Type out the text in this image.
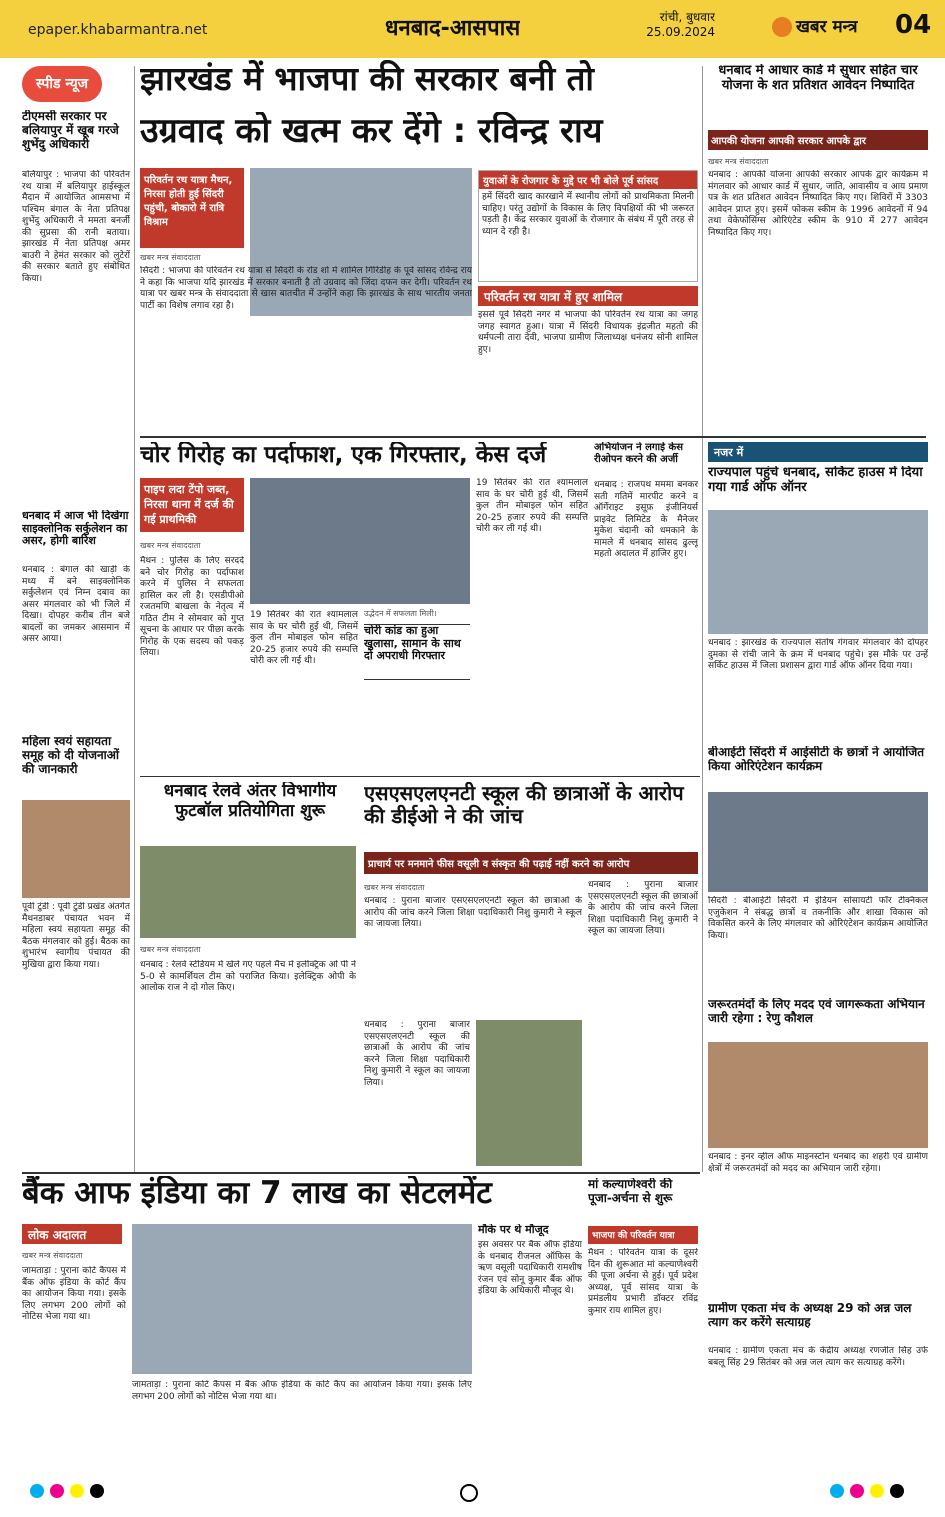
epaper.khabarmantra.net	धनबाद-आसपास	रांची, बुधवार
25.09.2024	खबर मन्त्र 04
स्पीड न्यूज
टीएमसी सरकार पर बलियापुर में खूब गरजे शुभेंदु अधिकारी
बलियापुर : भाजपा की परिवर्तन रथ यात्रा में बलियापुर हाईस्कूल मैदान में आयोजित आमसभा में पश्चिम बंगाल के नेता प्रतिपक्ष शुभेंदु अधिकारी ने ममता बनर्जी की सुप्रसा की रानी बताया। झारखंड में नेता प्रतिपक्ष अमर बाउरी ने हेमंत सरकार को लुटेरों की सरकार बताते हुए संबोधित किया।
धनबाद में आज भी दिखेगा साइक्लोनिक सर्कुलेशन का असर, होगी बारिश
धनबाद : बंगाल की खाड़ी के मध्य में बने साइक्लोनिक सर्कुलेशन एवं निम्न दबाव का असर मंगलवार को भी जिले में दिखा। दोपहर करीब तीन बजे बादलों का जमकर आसमान में असर आया।
महिला स्वयं सहायता समूह को दी योजनाओं की जानकारी
पूर्वी टुंडी : पूर्वी टुंडी प्रखंड अंतर्गत मैथनडाबर पंचायत भवन में महिला स्वयं सहायता समूह की बैठक मंगलवार को हुई। बैठक का शुभारंभ स्वागीय पंचायत की मुखिया द्वारा किया गया।
झारखंड में भाजपा की सरकार बनी तो
उग्रवाद को खत्म कर देंगे : रविन्द्र राय
परिवर्तन रथ यात्रा मैथन, निरसा होती हुई सिंदरी पहुंची, बोकारो में रात्रि विश्राम
खबर मन्त्र संवाददाता
सिंदरी : भाजपा की परिवर्तन रथ यात्रा से सिंदरी के रोड शो में शामिल गिरिडीह के पूर्व सांसद रविन्द्र राय ने कहा कि भाजपा यदि झारखंड में सरकार बनाती है तो उग्रवाद को जिंदा दफन कर देगी। परिवर्तन रथ यात्रा पर खबर मन्त्र के संवाददाता से खास बातचीत में उन्होंने कहा कि झारखंड के साथ भारतीय जनता पार्टी का विशेष लगाव रहा है।
युवाओं के रोजगार के मुद्दे पर भी बोले पूर्व सांसद
हमें सिंदरी खाद कारखाने में स्थानीय लोगों को प्राथमिकता मिलनी चाहिए। परंतु उद्योगों के विकास के लिए विपक्षियों की भी जरूरत पड़ती है। केंद्र सरकार युवाओं के रोजगार के संबंध में पूरी तरह से ध्यान दे रही है।
परिवर्तन रथ यात्रा में हुए शामिल
इससे पूर्व सिंदरी नगर में भाजपा की परिवर्तन रथ यात्रा का जगह जगह स्वागत हुआ। यात्रा में सिंदरी विधायक इंद्रजीत महतो की धर्मपत्नी तारा देवी, भाजपा ग्रामीण जिलाध्यक्ष धनंजय सोनी शामिल हुए।
धनबाद में आधार कार्ड में सुधार सहित चार योजना के शत प्रतिशत आवेदन निष्पादित
आपकी योजना आपकी सरकार आपके द्वार
खबर मन्त्र संवाददाता
धनबाद : आपकी योजना आपकी सरकार आपके द्वार कार्यक्रम में मंगलवार को आधार कार्ड में सुधार, जाति, आवासीय व आय प्रमाण पत्र के शत प्रतिशत आवेदन निष्पादित किए गए। शिविरों में 3303 आवेदन प्राप्त हुए। इसमें फोकस स्कीम के 1996 आवेदनों में 94 तथा वेकेफोसिंग्स ओरिएंटेड स्कीम के 910 में 277 आवेदन निष्पादित किए गए।
चोर गिरोह का पर्दाफाश, एक गिरफ्तार, केस दर्ज
पाइप लदा टेंपो जब्त, निरसा थाना में दर्ज की गई प्राथमिकी
खबर मन्त्र संवाददाता
मैथन : पुलिस के लिए सरदर्द बने चोर गिरोह का पर्दाफाश करने में पुलिस ने सफलता हासिल कर ली है। एसडीपीओ रजतमणि बाखला के नेतृत्व में गठित टीम ने सोमवार को गुप्त सूचना के आधार पर पीछा करके गिरोह के एक सदस्य को पकड़ लिया।
उद्भेदन में सफलता मिली।
चोरी कांड का हुआ खुलासा, सामान के साथ दो अपराधी गिरफ्तार
19 सितंबर की रात श्यामलाल साव के घर चोरी हुई थी, जिसमें कुल तीन मोबाइल फोन सहित 20-25 हजार रुपये की सम्पत्ति चोरी कर ली गई थी।
19 सितंबर की रात श्यामलाल साव के घर चोरी हुई थी, जिसमें कुल तीन मोबाइल फोन सहित 20-25 हजार रुपये की सम्पत्ति चोरी कर ली गई थी।
अभियोजन ने लगाई केस रीओपन करने की अर्जी
धनबाद : राजपथ मममा बनकर सती गतिमें मारपीट करने व ऑर्गेराइट इसूफ़ इंजीनियर्स प्राइवेट लिमिटेड के मैनेजर मुकेश चंदानी को धमकाने के मामले में धनबाद सांसद ढुल्लू महतो अदालत में हाजिर हुए।
नजर में
राज्यपाल पहुंचे धनबाद, सर्किट हाउस में दिया गया गार्ड ऑफ ऑनर
धनबाद : झारखंड के राज्यपाल संतोष गंगवार मंगलवार की दोपहर दुमका से रांची जाने के क्रम में धनबाद पहुंचे। इस मौके पर उन्हें सर्किट हाउस में जिला प्रशासन द्वारा गार्ड ऑफ ऑनर दिया गया।
बीआईटी सिंदरी में आईसीटी के छात्रों ने आयोजित किया ओरिएंटेशन कार्यक्रम
सिंदरी : बीआईटी सिंदरी में इंडियन सोसायटी फॉर टेक्निकल एजुकेशन ने संबद्ध छात्रों व तकनीकि और शाखा विकास को विकसित करने के लिए मंगलवार को ओरिएंटेशन कार्यक्रम आयोजित किया।
जरूरतमंदों के लिए मदद एवं जागरूकता अभियान जारी रहेगा : रेणु कौशल
धनबाद : इनर व्हील ऑफ माइनस्टोन धनबाद का शहरी एवं ग्रामीण क्षेत्रों में जरूरतमंदों को मदद का अभियान जारी रहेगा।
ग्रामीण एकता मंच के अध्यक्ष 29 को अन्न जल त्याग कर करेंगे सत्याग्रह
धनबाद : ग्रामीण एकता मंच के केंद्रीय अध्यक्ष रणजीत सिंह उर्फ बबलू सिंह 29 सितंबर को अन्न जल त्याग कर सत्याग्रह करेंगे।
धनबाद रेलवे अंतर विभागीय फुटबॉल प्रतियोगिता शुरू
खबर मन्त्र संवाददाता
धनबाद : रेलवे स्टेडियम में खेले गए पहले मैच में इलेक्ट्रिक ओ पी ने 5-0 से कामर्शियल टीम को पराजित किया। इलेक्ट्रिक ओपी के आलोक राज ने दो गोल किए।
एसएसएलएनटी स्कूल की छात्राओं के आरोप की डीईओ ने की जांच
प्राचार्य पर मनमाने फीस वसूली व संस्कृत की पढ़ाई नहीं करने का आरोप
खबर मन्त्र संवाददाता
धनबाद : पुराना बाजार एसएसएलएनटी स्कूल की छात्राओं के आरोप की जांच करने जिला शिक्षा पदाधिकारी निशु कुमारी ने स्कूल का जायजा लिया।
धनबाद : पुराना बाजार एसएसएलएनटी स्कूल की छात्राओं के आरोप की जांच करने जिला शिक्षा पदाधिकारी निशु कुमारी ने स्कूल का जायजा लिया।
धनबाद : पुराना बाजार एसएसएलएनटी स्कूल की छात्राओं के आरोप की जांच करने जिला शिक्षा पदाधिकारी निशु कुमारी ने स्कूल का जायजा लिया।
बैंक आफ इंडिया का 7 लाख का सेटलमेंट
लोक अदालत
खबर मन्त्र संवाददाता
जामताड़ा : पुराना कोर्ट कैंपस में बैंक ऑफ इंडिया के कोर्ट कैंप का आयोजन किया गया। इसके लिए लगभग 200 लोगों को नोटिस भेजा गया था।
जामताड़ा : पुराना कोर्ट कैंपस में बैंक ऑफ इंडिया के कोर्ट कैंप का आयोजन किया गया। इसके लिए लगभग 200 लोगों को नोटिस भेजा गया था।
मौके पर थे मौजूद
इस अवसर पर बैंक ऑफ इंडिया के धनबाद रीजनल ऑफिस के ऋण वसूली पदाधिकारी रामशीष रंजन एवं सोनू कुमार बैंक ऑफ इंडिया के अधिकारी मौजूद थे।
मां कल्याणेश्वरी की पूजा-अर्चना से शुरू
भाजपा की परिवर्तन यात्रा
मैथन : परिवर्तन यात्रा के दूसरे दिन की शुरूआत मां कल्याणेश्वरी की पूजा अर्चना से हुई। पूर्व प्रदेश अध्यक्ष, पूर्व सांसद यात्रा के प्रमंडलीय प्रभारी डॉक्टर रविंद्र कुमार राय शामिल हुए।
